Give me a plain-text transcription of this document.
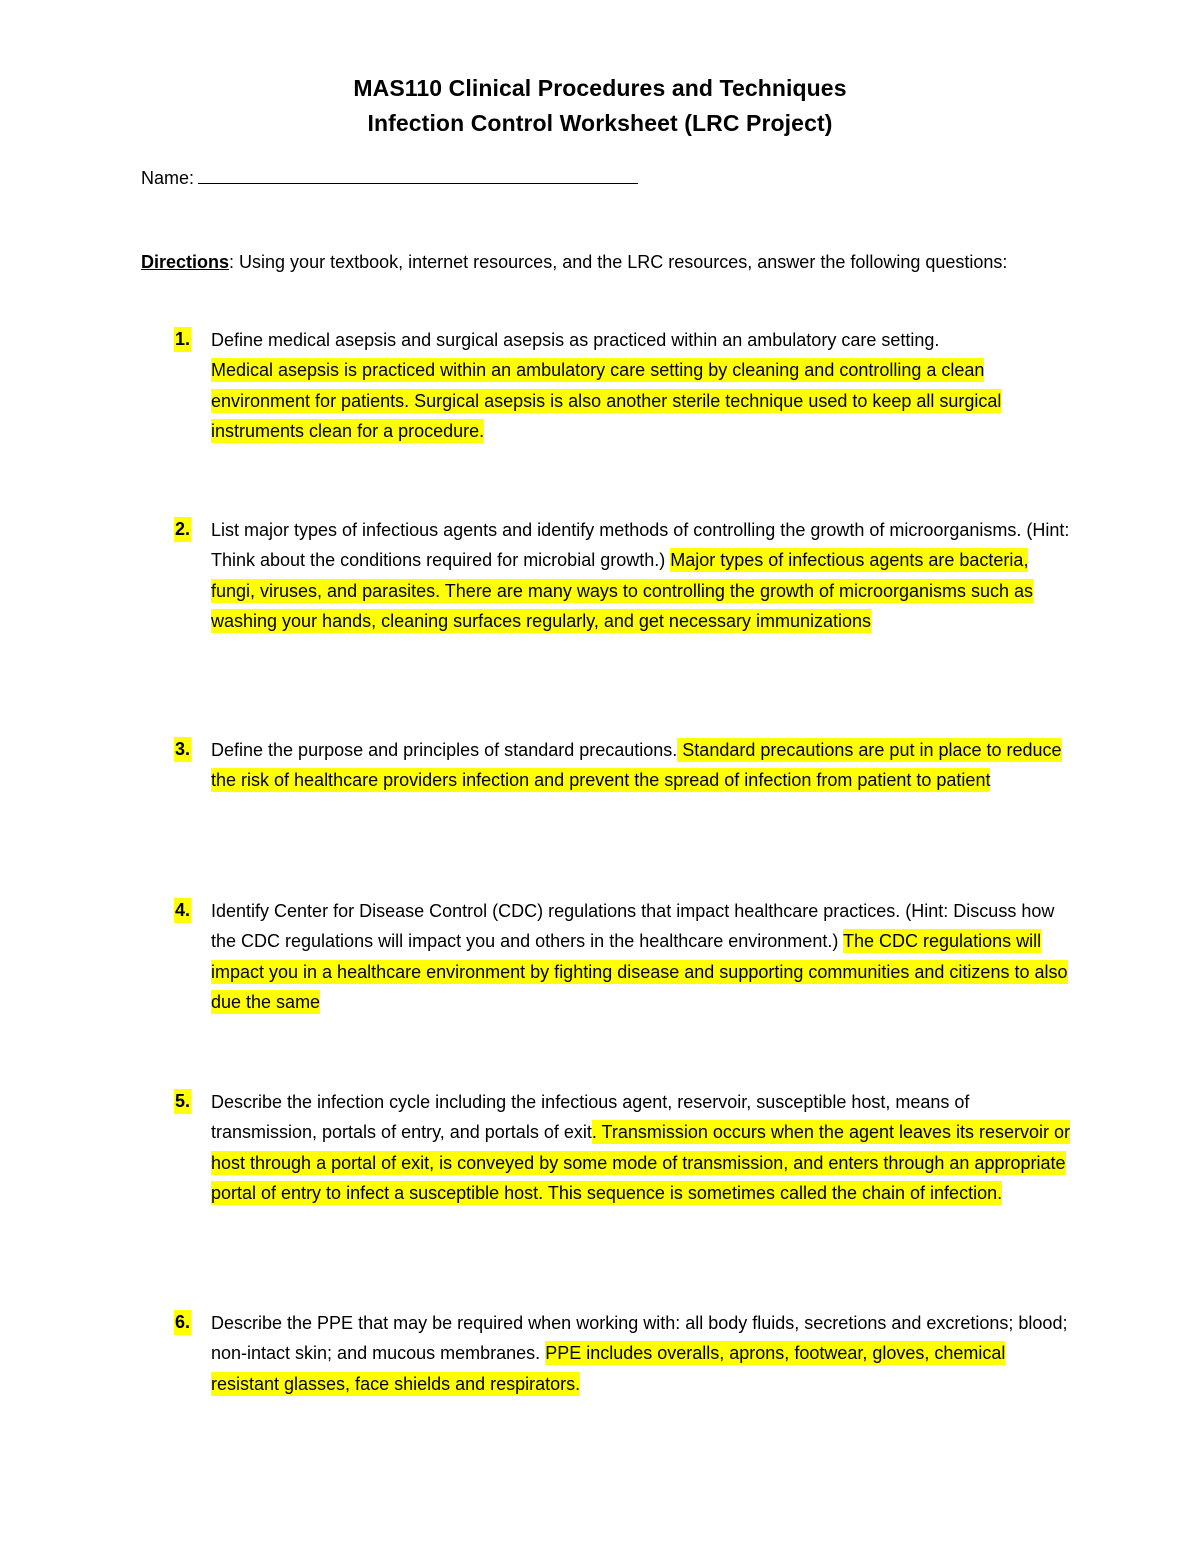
MAS110 Clinical Procedures and Techniques
Infection Control Worksheet (LRC Project)
Name:
Directions: Using your textbook, internet resources, and the LRC resources, answer the following questions:
1. Define medical asepsis and surgical asepsis as practiced within an ambulatory care setting.
Medical asepsis is practiced within an ambulatory care setting by cleaning and controlling a clean environment for patients. Surgical asepsis is also another sterile technique used to keep all surgical instruments clean for a procedure.
2. List major types of infectious agents and identify methods of controlling the growth of microorganisms. (Hint: Think about the conditions required for microbial growth.) Major types of infectious agents are bacteria, fungi, viruses, and parasites. There are many ways to controlling the growth of microorganisms such as washing your hands, cleaning surfaces regularly, and get necessary immunizations
3. Define the purpose and principles of standard precautions. Standard precautions are put in place to reduce the risk of healthcare providers infection and prevent the spread of infection from patient to patient
4. Identify Center for Disease Control (CDC) regulations that impact healthcare practices. (Hint: Discuss how the CDC regulations will impact you and others in the healthcare environment.) The CDC regulations will impact you in a healthcare environment by fighting disease and supporting communities and citizens to also due the same
5. Describe the infection cycle including the infectious agent, reservoir, susceptible host, means of transmission, portals of entry, and portals of exit. Transmission occurs when the agent leaves its reservoir or host through a portal of exit, is conveyed by some mode of transmission, and enters through an appropriate portal of entry to infect a susceptible host. This sequence is sometimes called the chain of infection.
6. Describe the PPE that may be required when working with: all body fluids, secretions and excretions; blood; non-intact skin; and mucous membranes. PPE includes overalls, aprons, footwear, gloves, chemical resistant glasses, face shields and respirators.
